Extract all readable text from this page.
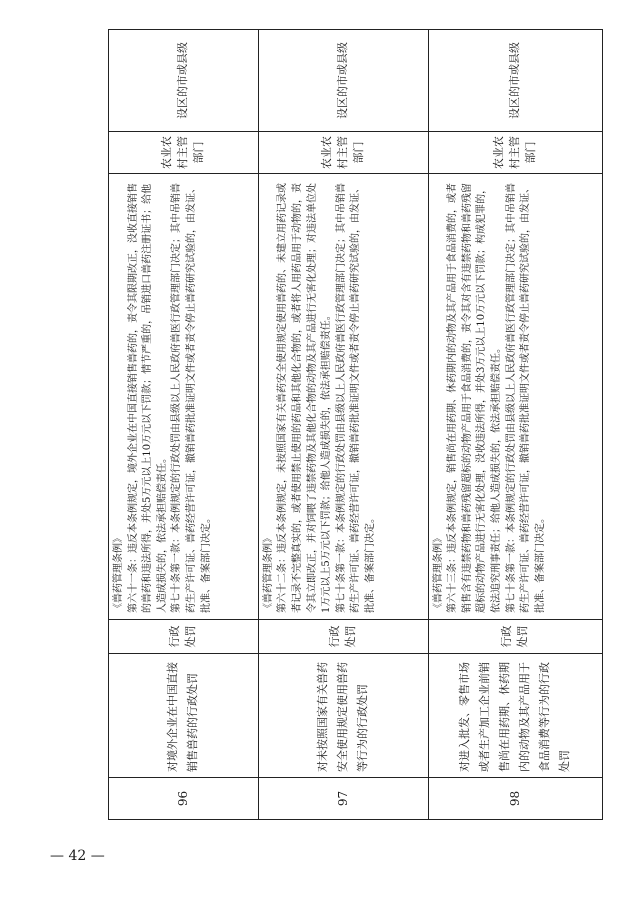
96	对境外企业在中国直接销售兽药的行政处罚	行政处罚	《兽药管理条例》 第六十一条：违反本条例规定，境外企业在中国直接销售兽药的，责令其限期改正，没收直接销售的兽药和违法所得，并处5万元以上10万元以下罚款；情节严重的，吊销进口兽药注册证书；给他人造成损失的，依法承担赔偿责任。 第七十条第一款：本条例规定的行政处罚由县级以上人民政府兽医行政管理部门决定；其中吊销兽药生产许可证、兽药经营许可证，撤销兽药批准证明文件或者责令停止兽药研究试验的，由发证、批准、备案部门决定。	农业农村主管部门	设区的市或县级
97	对未按照国家有关兽药安全使用规定使用兽药等行为的行政处罚	行政处罚	《兽药管理条例》 第六十二条：违反本条例规定，未按照国家有关兽药安全使用规定使用兽药的、未建立用药记录或者记录不完整真实的，或者使用禁止使用的药品和其他化合物的，或者将人用药品用于动物的，责令其立即改正，并对饲喂了违禁药物及其他化合物的动物及其产品进行无害化处理；对违法单位处1万元以上5万元以下罚款；给他人造成损失的，依法承担赔偿责任。 第七十条第一款：本条例规定的行政处罚由县级以上人民政府兽医行政管理部门决定；其中吊销兽药生产许可证、兽药经营许可证，撤销兽药批准证明文件或者责令停止兽药研究试验的，由发证、批准、备案部门决定。	农业农村主管部门	设区的市或县级
98	对进入批发、零售市场或者生产加工企业前销售尚在用药期、休药期内的动物及其产品用于食品消费等行为的行政处罚	行政处罚	《兽药管理条例》 第六十三条：违反本条例规定，销售尚在用药期、休药期内的动物及其产品用于食品消费的，或者销售含有违禁药物和兽药残留超标的动物产品用于食品消费的，责令其对含有违禁药物和兽药残留超标的动物产品进行无害化处理，没收违法所得，并处3万元以上10万元以下罚款；构成犯罪的，依法追究刑事责任；给他人造成损失的，依法承担赔偿责任。 第七十条第一款：本条例规定的行政处罚由县级以上人民政府兽医行政管理部门决定；其中吊销兽药生产许可证、兽药经营许可证，撤销兽药批准证明文件或者责令停止兽药研究试验的，由发证、批准、备案部门决定。	农业农村主管部门	设区的市或县级
— 42 —
